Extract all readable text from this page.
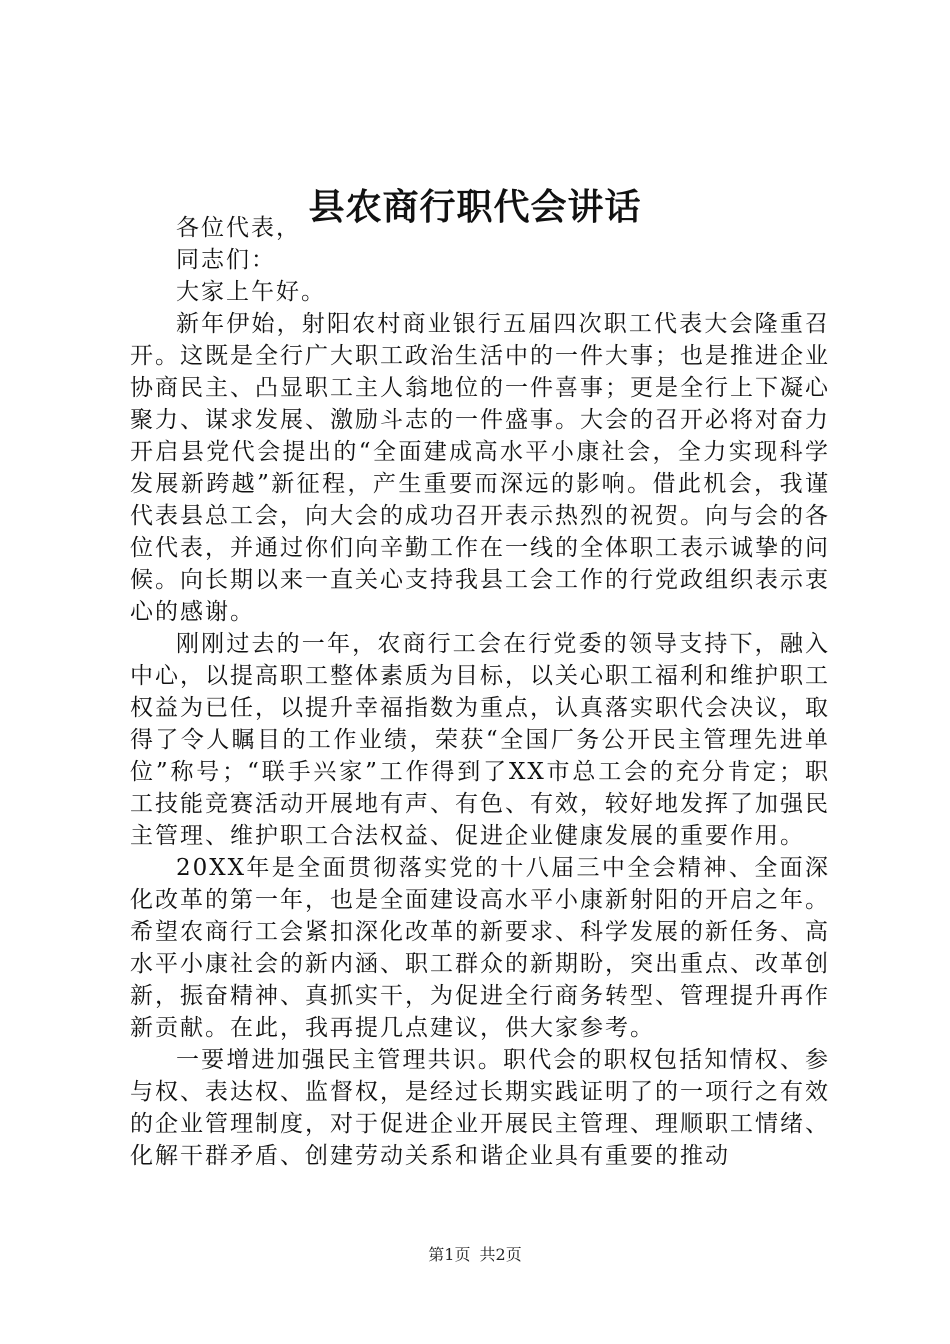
县农商行职代会讲话

各位代表，

同志们：

大家上午好。

新年伊始，射阳农村商业银行五届四次职工代表大会隆重召开。这既是全行广大职工政治生活中的一件大事；也是推进企业协商民主、凸显职工主人翁地位的一件喜事；更是全行上下凝心聚力、谋求发展、激励斗志的一件盛事。大会的召开必将对奋力开启县党代会提出的“全面建成高水平小康社会，全力实现科学发展新跨越”新征程，产生重要而深远的影响。借此机会，我谨代表县总工会，向大会的成功召开表示热烈的祝贺。向与会的各位代表，并通过你们向辛勤工作在一线的全体职工表示诚挚的问候。向长期以来一直关心支持我县工会工作的行党政组织表示衷心的感谢。

刚刚过去的一年，农商行工会在行党委的领导支持下，融入中心，以提高职工整体素质为目标，以关心职工福利和维护职工权益为已任，以提升幸福指数为重点，认真落实职代会决议，取得了令人瞩目的工作业绩，荣获“全国厂务公开民主管理先进单位”称号；“联手兴家”工作得到了XX市总工会的充分肯定；职工技能竞赛活动开展地有声、有色、有效，较好地发挥了加强民主管理、维护职工合法权益、促进企业健康发展的重要作用。

20XX年是全面贯彻落实党的十八届三中全会精神、全面深化改革的第一年，也是全面建设高水平小康新射阳的开启之年。希望农商行工会紧扣深化改革的新要求、科学发展的新任务、高水平小康社会的新内涵、职工群众的新期盼，突出重点、改革创新，振奋精神、真抓实干，为促进全行商务转型、管理提升再作新贡献。在此，我再提几点建议，供大家参考。

一要增进加强民主管理共识。职代会的职权包括知情权、参与权、表达权、监督权，是经过长期实践证明了的一项行之有效的企业管理制度，对于促进企业开展民主管理、理顺职工情绪、化解干群矛盾、创建劳动关系和谐企业具有重要的推动

第1页 共2页
